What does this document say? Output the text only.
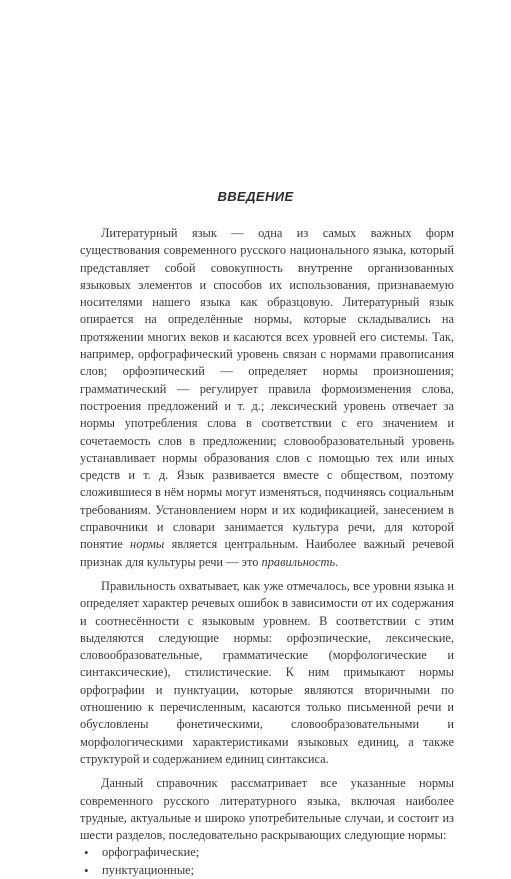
ВВЕДЕНИЕ

Литературный язык — одна из самых важных форм существования современного русского национального языка, который представляет собой совокупность внутренне организованных языковых элементов и способов их использования, признаваемую носителями нашего языка как образцовую. Литературный язык опирается на определённые нормы, которые складывались на протяжении многих веков и касаются всех уровней его системы. Так, например, орфографический уровень связан с нормами правописания слов; орфоэпический — определяет нормы произношения; грамматический — регулирует правила формоизменения слова, построения предложений и т. д.; лексический уровень отвечает за нормы употребления слова в соответствии с его значением и сочетаемость слов в предложении; словообразовательный уровень устанавливает нормы образования слов с помощью тех или иных средств и т. д. Язык развивается вместе с обществом, поэтому сложившиеся в нём нормы могут изменяться, подчиняясь социальным требованиям. Установлением норм и их кодификацией, занесением в справочники и словари занимается культура речи, для которой понятие нормы является центральным. Наиболее важный речевой признак для культуры речи — это правильность.

Правильность охватывает, как уже отмечалось, все уровни языка и определяет характер речевых ошибок в зависимости от их содержания и соотнесённости с языковым уровнем. В соответствии с этим выделяются следующие нормы: орфоэпические, лексические, словообразовательные, грамматические (морфологические и синтаксические), стилистические. К ним примыкают нормы орфографии и пунктуации, которые являются вторичными по отношению к перечисленным, касаются только письменной речи и обусловлены фонетическими, словообразовательными и морфологическими характеристиками языковых единиц, а также структурой и содержанием единиц синтаксиса.

Данный справочник рассматривает все указанные нормы современного русского литературного языка, включая наиболее трудные, актуальные и широко употребительные случаи, и состоит из шести разделов, последовательно раскрывающих следующие нормы:

• орфографические;
• пунктуационные;
